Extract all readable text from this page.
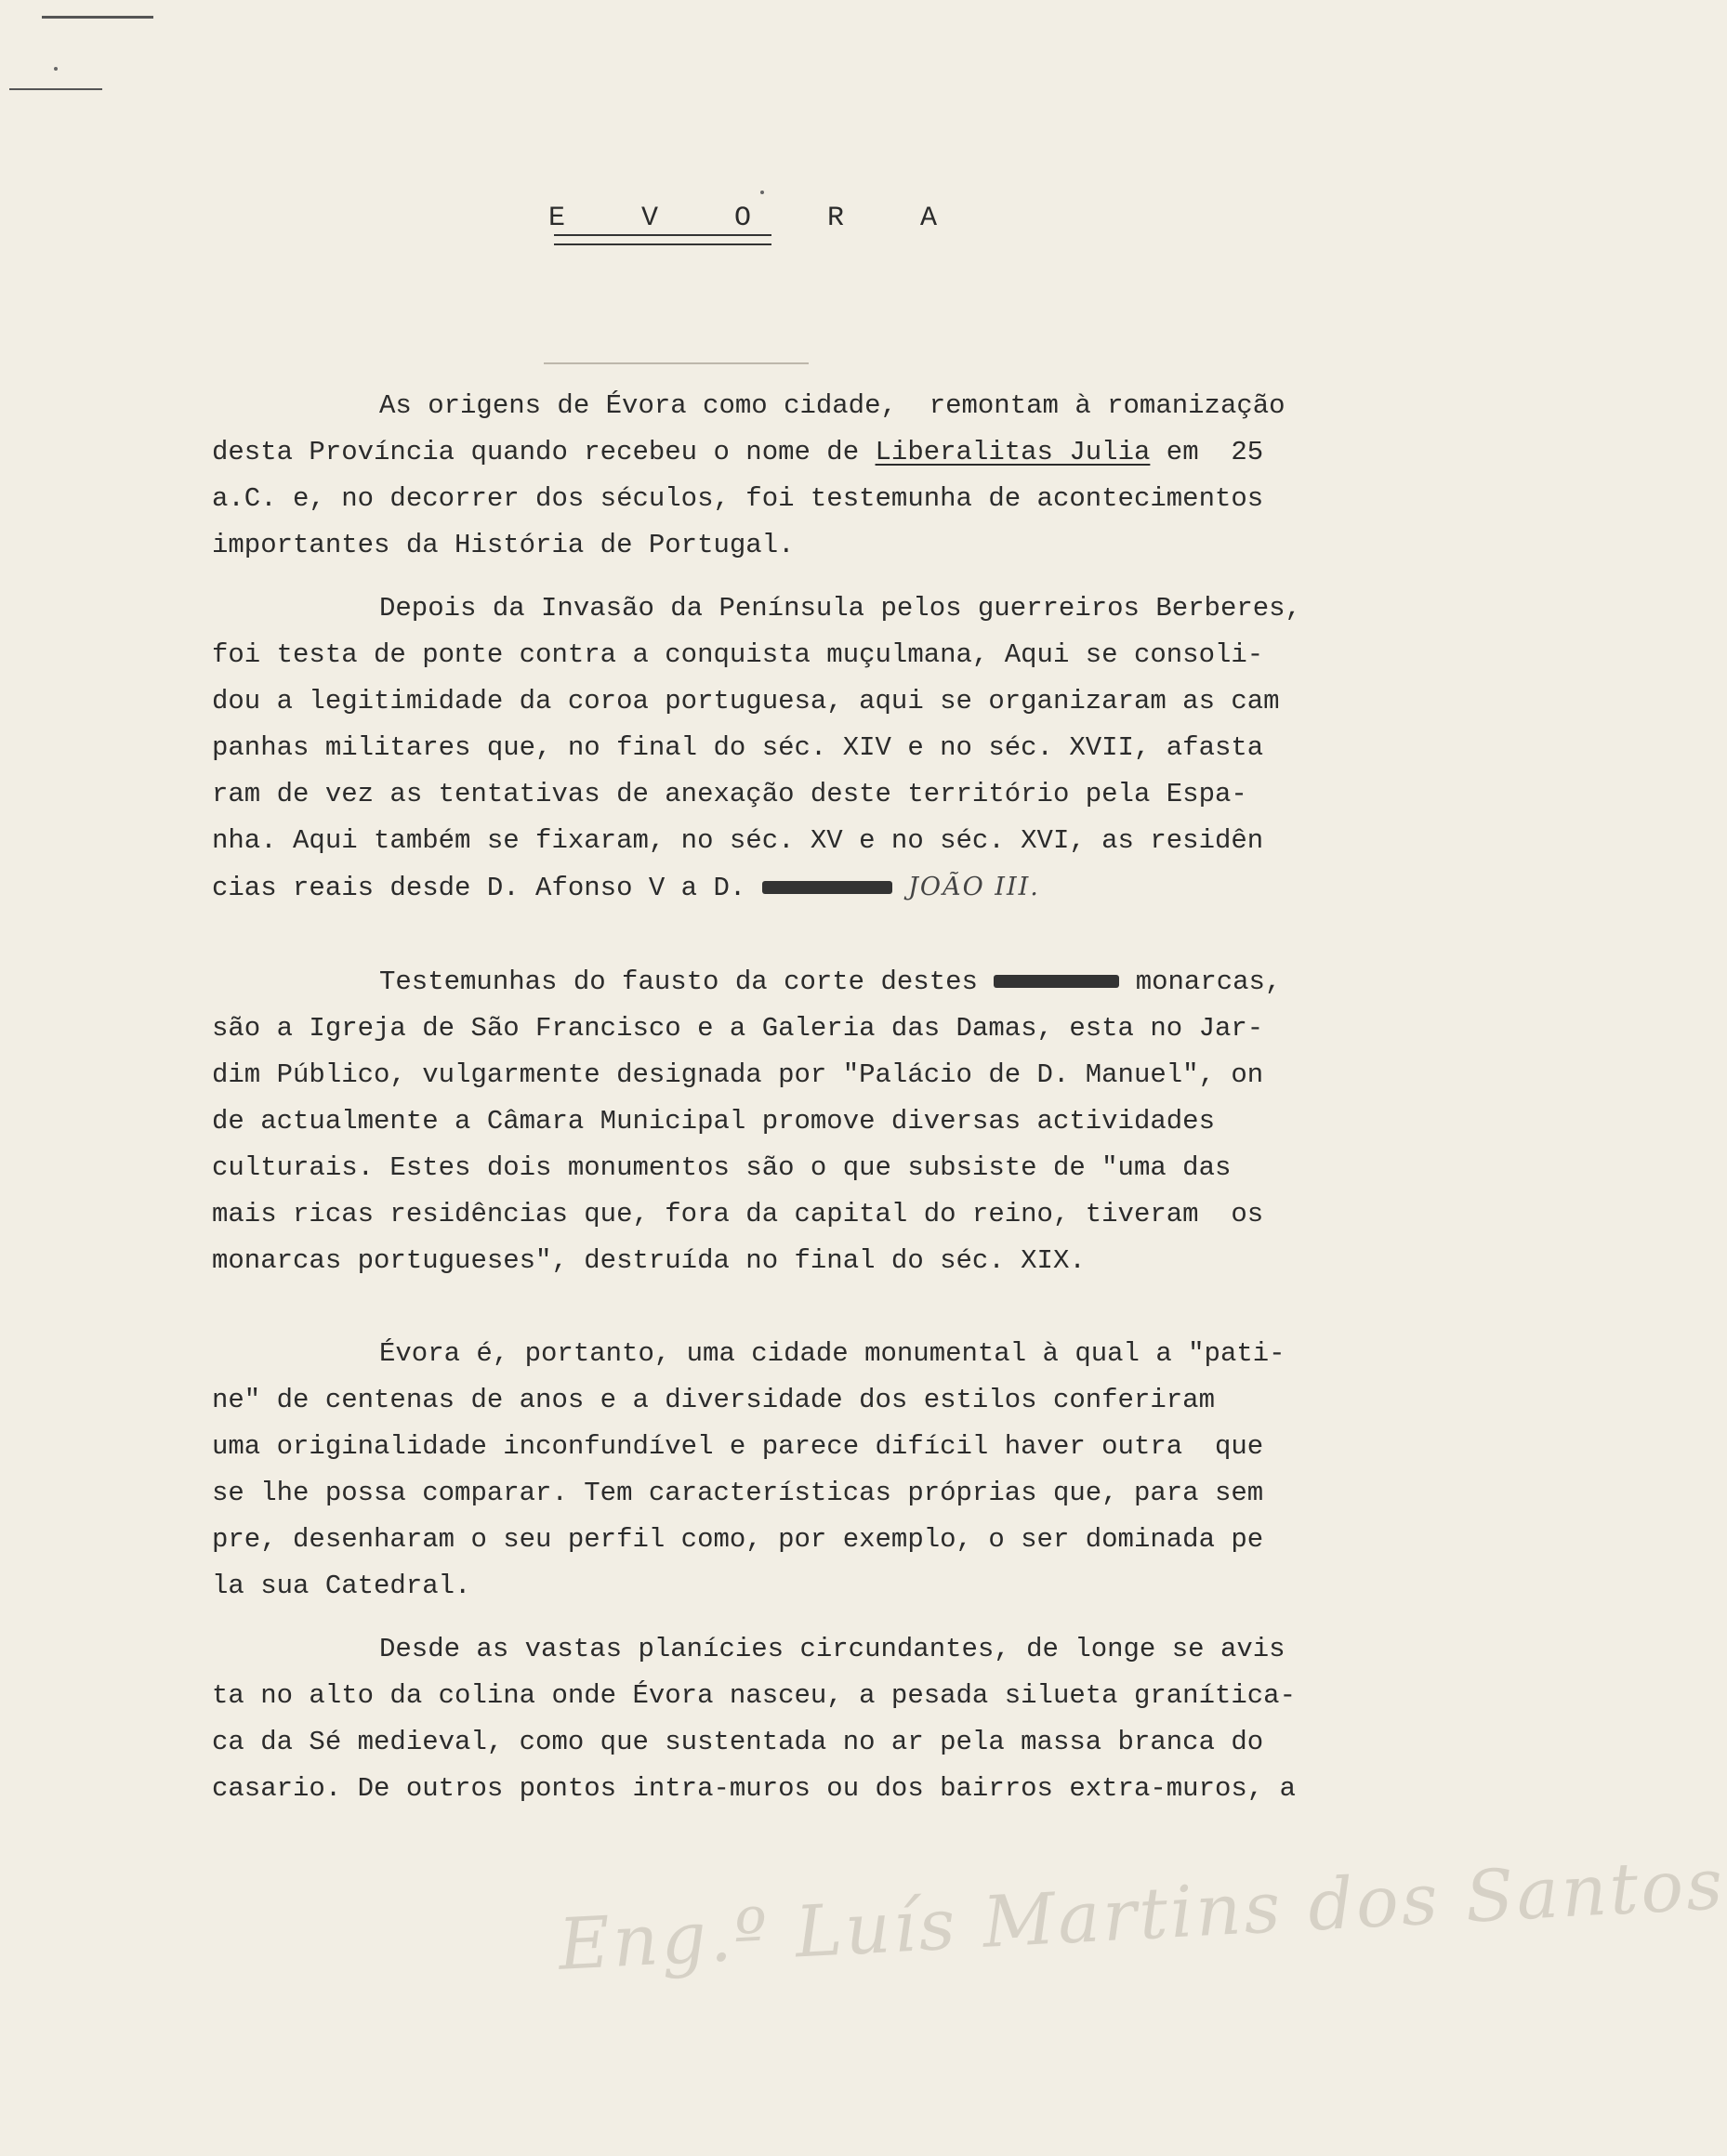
E V O R A
As origens de Évora como cidade,  remontam à romanização
desta Província quando recebeu o nome de Liberalitas Julia em  25
a.C. e, no decorrer dos séculos, foi testemunha de acontecimentos
importantes da História de Portugal.
Depois da Invasão da Península pelos guerreiros Berberes,
foi testa de ponte contra a conquista muçulmana, Aqui se consoli-
dou a legitimidade da coroa portuguesa, aqui se organizaram as cam
panhas militares que, no final do séc. XIV e no séc. XVII, afasta
ram de vez as tentativas de anexação deste território pela Espa-
nha. Aqui também se fixaram, no séc. XV e no séc. XVI, as residên
cias reais desde D. Afonso V a D.	JOÃO III.
Testemunhas do fausto da corte destes	monarcas,
são a Igreja de São Francisco e a Galeria das Damas, esta no Jar-
dim Público, vulgarmente designada por "Palácio de D. Manuel", on
de actualmente a Câmara Municipal promove diversas actividades
culturais. Estes dois monumentos são o que subsiste de "uma das
mais ricas residências que, fora da capital do reino, tiveram  os
monarcas portugueses", destruída no final do séc. XIX.
Évora é, portanto, uma cidade monumental à qual a "pati-
ne" de centenas de anos e a diversidade dos estilos conferiram
uma originalidade inconfundível e parece difícil haver outra  que
se lhe possa comparar. Tem características próprias que, para sem
pre, desenharam o seu perfil como, por exemplo, o ser dominada pe
la sua Catedral.
Desde as vastas planícies circundantes, de longe se avis
ta no alto da colina onde Évora nasceu, a pesada silueta granítica-
ca da Sé medieval, como que sustentada no ar pela massa branca do
casario. De outros pontos intra-muros ou dos bairros extra-muros, a
Eng.º Luís Martins dos Santos
